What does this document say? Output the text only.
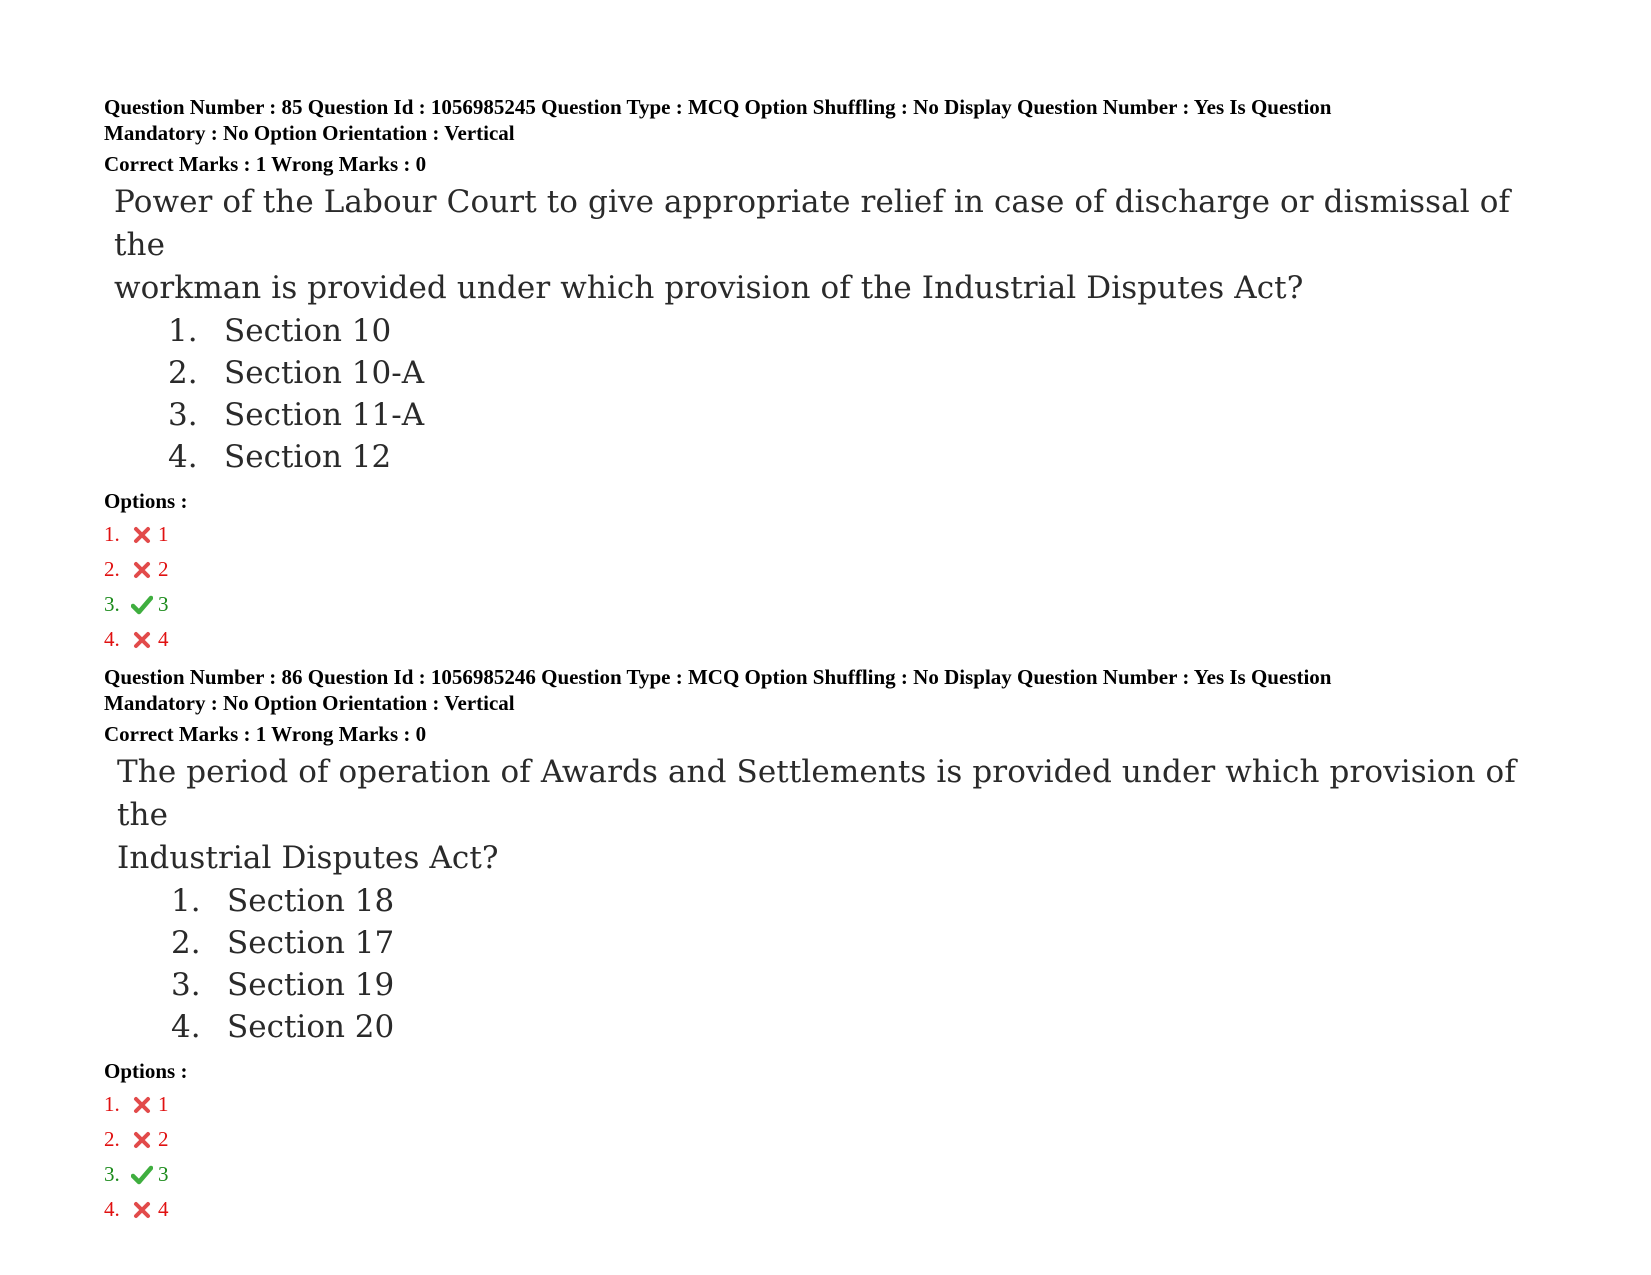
Question Number : 85 Question Id : 1056985245 Question Type : MCQ Option Shuffling : No Display Question Number : Yes Is Question

Mandatory : No Option Orientation : Vertical

Correct Marks : 1 Wrong Marks : 0

Power of the Labour Court to give appropriate relief in case of discharge or dismissal of the
workman is provided under which provision of the Industrial Disputes Act?
1. Section 10
2. Section 10-A
3. Section 11-A
4. Section 12
Options :
1.	1
2.	2
3.	3
4.	4

Question Number : 86 Question Id : 1056985246 Question Type : MCQ Option Shuffling : No Display Question Number : Yes Is Question

Mandatory : No Option Orientation : Vertical

Correct Marks : 1 Wrong Marks : 0

The period of operation of Awards and Settlements is provided under which provision of the
Industrial Disputes Act?
1. Section 18
2. Section 17
3. Section 19
4. Section 20
Options :
1.	1
2.	2
3.	3
4.	4
